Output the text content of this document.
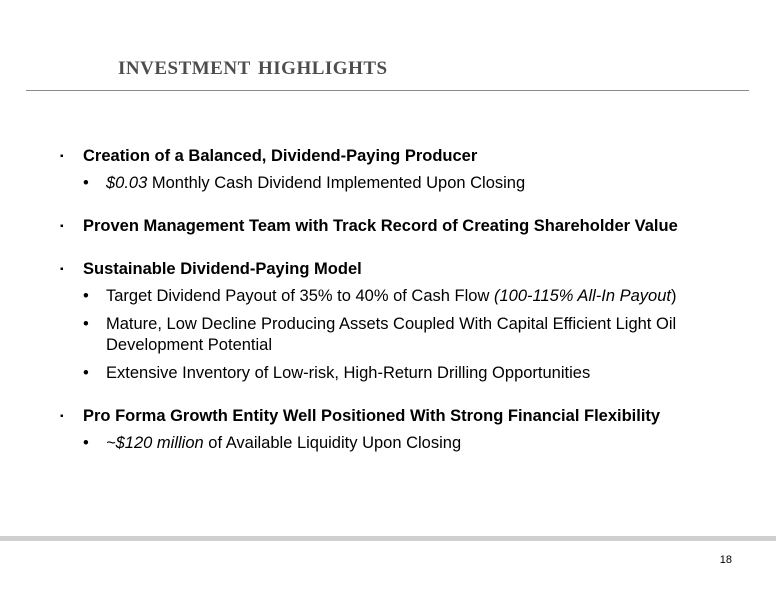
investment highlights
▪	Creation of a Balanced, Dividend-Paying Producer
•	$0.03 Monthly Cash Dividend Implemented Upon Closing
▪	Proven Management Team with Track Record of Creating Shareholder Value
▪	Sustainable Dividend-Paying Model
•	Target Dividend Payout of 35% to 40% of Cash Flow (100-115% All-In Payout)
•	Mature, Low Decline Producing Assets Coupled With Capital Efficient Light Oil Development Potential
•	Extensive Inventory of Low-risk, High-Return Drilling Opportunities
▪	Pro Forma Growth Entity Well Positioned With Strong Financial Flexibility
•	~$120 million of Available Liquidity Upon Closing
18
